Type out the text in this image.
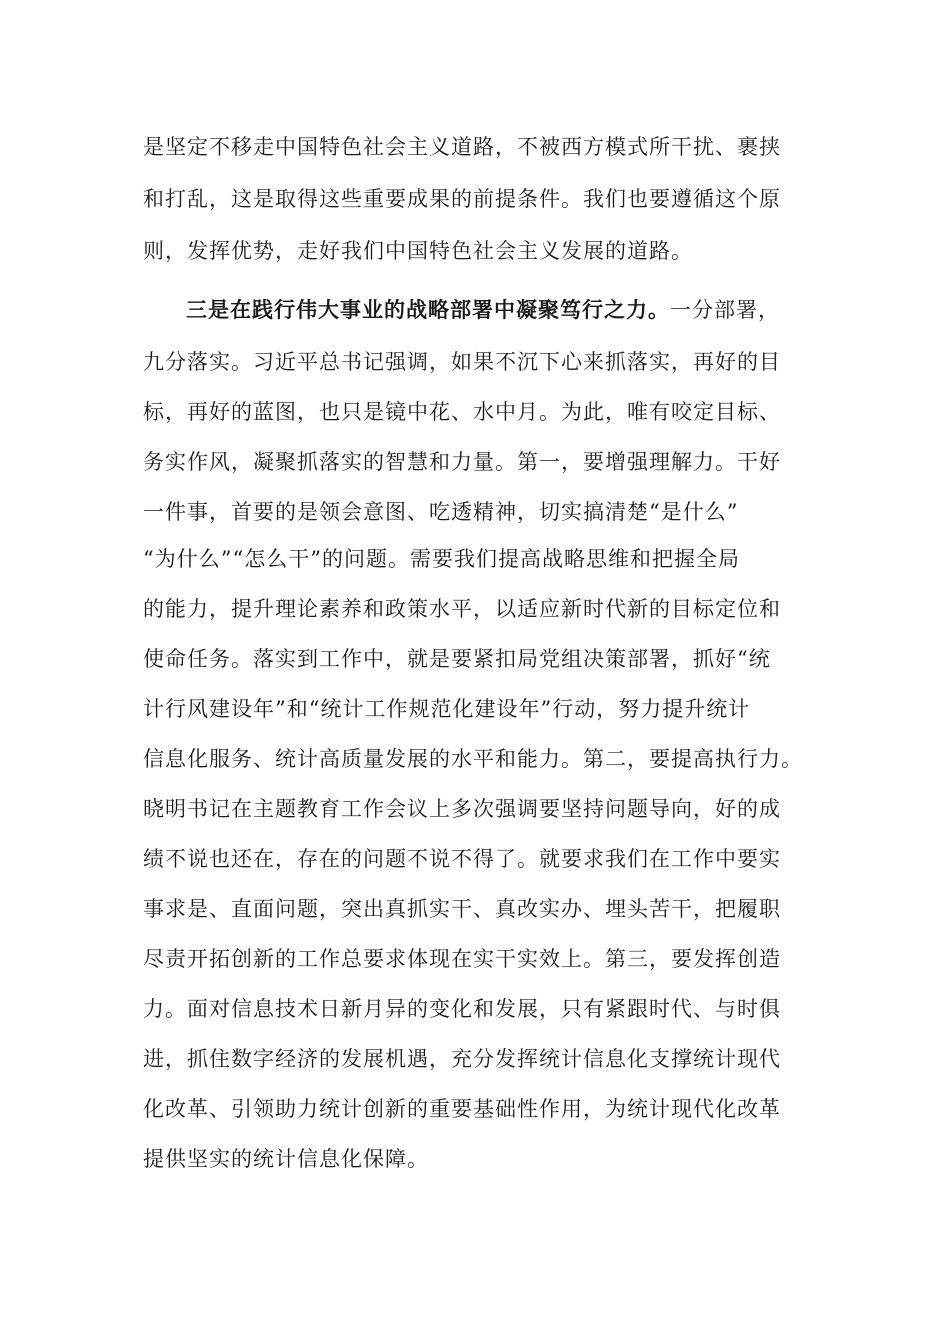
是坚定不移走中国特色社会主义道路，不被西方模式所干扰、裹挟
和打乱，这是取得这些重要成果的前提条件。我们也要遵循这个原
则，发挥优势，走好我们中国特色社会主义发展的道路。
三是在践行伟大事业的战略部署中凝聚笃行之力。一分部署，
九分落实。习近平总书记强调，如果不沉下心来抓落实，再好的目
标，再好的蓝图，也只是镜中花、水中月。为此，唯有咬定目标、
务实作风，凝聚抓落实的智慧和力量。第一，要增强理解力。干好
一件事，首要的是领会意图、吃透精神，切实搞清楚“是什么”
“为什么”“怎么干”的问题。需要我们提高战略思维和把握全局
的能力，提升理论素养和政策水平，以适应新时代新的目标定位和
使命任务。落实到工作中，就是要紧扣局党组决策部署，抓好“统
计行风建设年”和“统计工作规范化建设年”行动，努力提升统计
信息化服务、统计高质量发展的水平和能力。第二，要提高执行力。
晓明书记在主题教育工作会议上多次强调要坚持问题导向，好的成
绩不说也还在，存在的问题不说不得了。就要求我们在工作中要实
事求是、直面问题，突出真抓实干、真改实办、埋头苦干，把履职
尽责开拓创新的工作总要求体现在实干实效上。第三，要发挥创造
力。面对信息技术日新月异的变化和发展，只有紧跟时代、与时俱
进，抓住数字经济的发展机遇，充分发挥统计信息化支撑统计现代
化改革、引领助力统计创新的重要基础性作用，为统计现代化改革
提供坚实的统计信息化保障。
